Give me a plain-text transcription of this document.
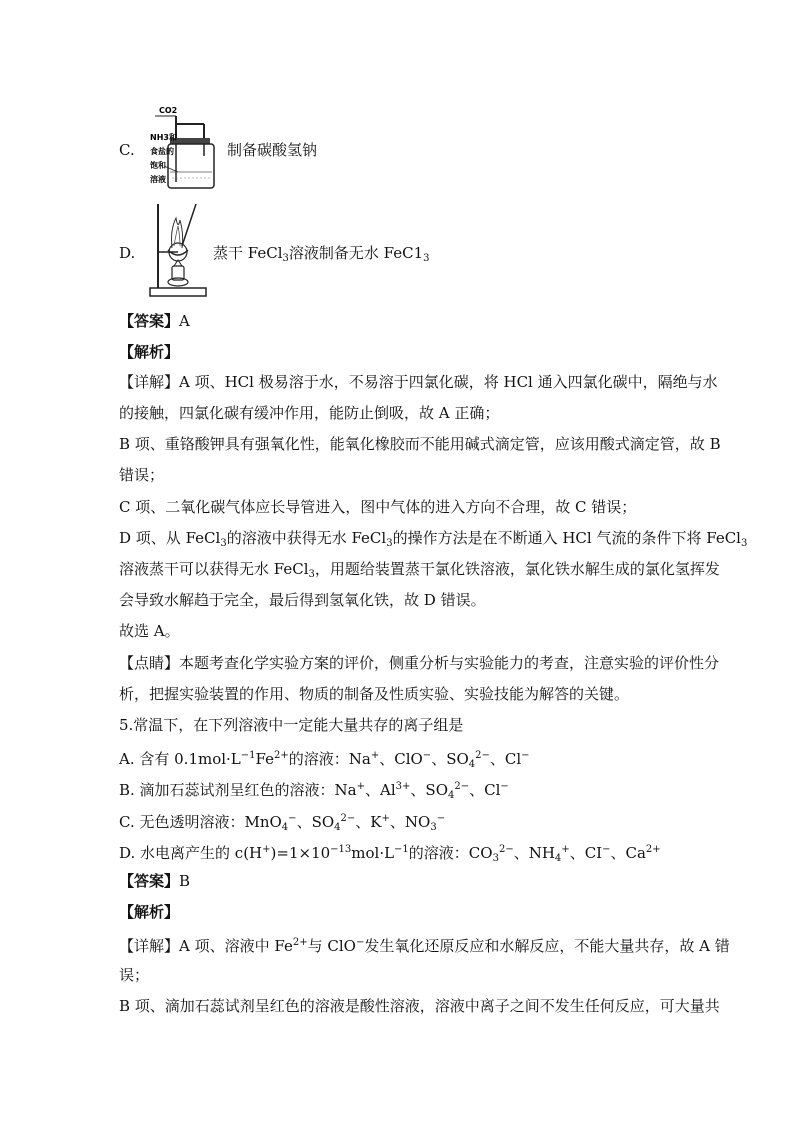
C.
CO2
NH3和
食盐的
饱和
溶液
制备碳酸氢钠
D.	蒸干 FeCl$_3$溶液制备无水 $FeC1_3$
【答案】A
【解析】
【详解】A 项、HCl 极易溶于水，不易溶于四氯化碳，将 HCl 通入四氯化碳中，隔绝与水
的接触，四氯化碳有缓冲作用，能防止倒吸，故 A 正确；
B 项、重铬酸钾具有强氧化性，能氧化橡胶而不能用碱式滴定管，应该用酸式滴定管，故 B
错误；
C 项、二氧化碳气体应长导管进入，图中气体的进入方向不合理，故 C 错误；
D 项、从 FeCl$_3$的溶液中获得无水 FeCl$_3$的操作方法是在不断通入 HCl 气流的条件下将 FeCl$_3$
溶液蒸干可以获得无水 FeCl$_3$，用题给装置蒸干氯化铁溶液，氯化铁水解生成的氯化氢挥发
会导致水解趋于完全，最后得到氢氧化铁，故 D 错误。
故选 A。
【点睛】本题考查化学实验方案的评价，侧重分析与实验能力的考查，注意实验的评价性分
析，把握实验装置的作用、物质的制备及性质实验、实验技能为解答的关键。
5.常温下，在下列溶液中一定能大量共存的离子组是
A. 含有 $0.1mol\cdot L^{-1}Fe^{2+}$的溶液：Na+、ClO−、$SO_4^{2-}$、Cl−
B. 滴加石蕊试剂呈红色的溶液：Na+、$Al^{3+}$、$SO_4^{2-}$、Cl−
C. 无色透明溶液：MnO$_4$−、$SO_4^{2-}$、K+、$NO_3^-$
D. 水电离产生的 $c(H^+)=1\times 10^{-13}mol\cdot L^{-1}$的溶液：$CO_3^{2-}$、$NH_4^+$、CI−、$Ca^{2+}$
【答案】B
【解析】
【详解】A 项、溶液中 $Fe^{2+}$与 ClO−发生氧化还原反应和水解反应，不能大量共存，故 A 错
误；
B 项、滴加石蕊试剂呈红色的溶液是酸性溶液，溶液中离子之间不发生任何反应，可大量共
